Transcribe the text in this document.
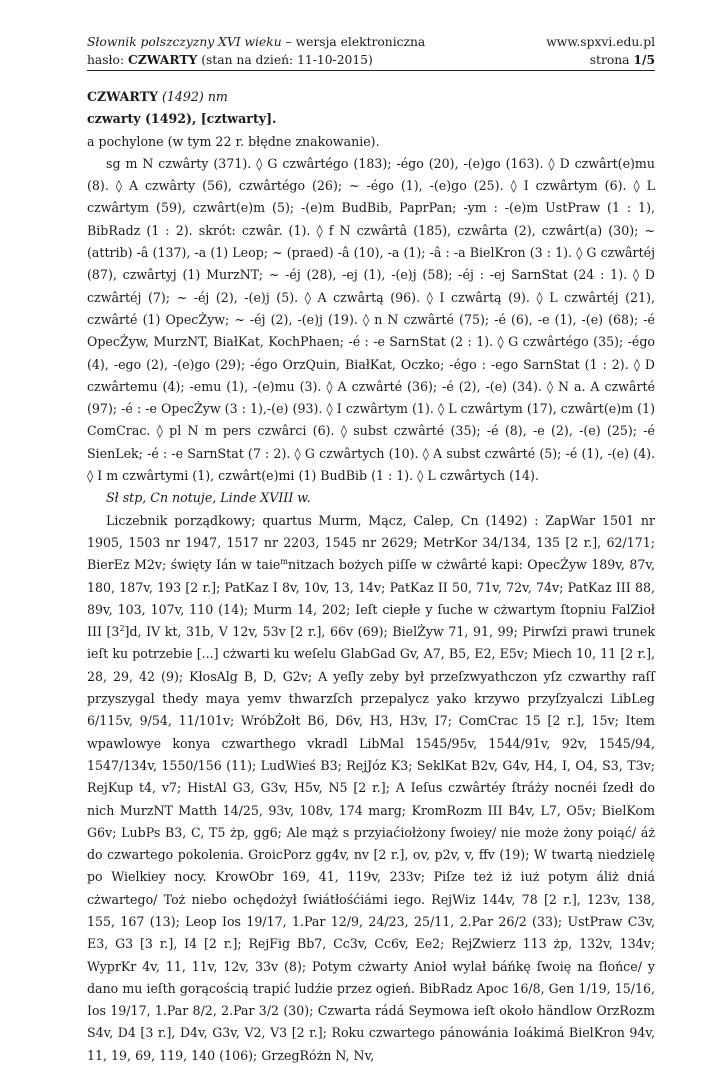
Słownik polszczyzny XVI wieku – wersja elektroniczna	www.spxvi.edu.pl
hasło: CZWARTY (stan na dzień: 11-10-2015)	strona 1/5

CZWARTY (1492) nm

czwarty (1492), [cztwarty].

a pochylone (w tym 22 r. błędne znakowanie).

sg m N czwârty (371). ◊ G czwârtégo (183); -égo (20), -(e)go (163). ◊ D czwârt(e)mu (8). ◊ A czwârty (56), czwârtégo (26); ~ -égo (1), -(e)go (25). ◊ I czwârtym (6). ◊ L czwârtym (59), czwârt(e)m (5); -(e)m BudBib, PaprPan; -ym : -(e)m UstPraw (1 : 1), BibRadz (1 : 2). skrót: czwâr. (1). ◊ f N czwârtâ (185), czwârta (2), czwârt(a) (30); ~ (attrib) -â (137), -a (1) Leop; ~ (praed) -â (10), -a (1); -â : -a BielKron (3 : 1). ◊ G czwârtéj (87), czwârtyj (1) MurzNT; ~ -éj (28), -ej (1), -(e)j (58); -éj : -ej SarnStat (24 : 1). ◊ D czwârtéj (7); ~ -éj (2), -(e)j (5). ◊ A czwârtą (96). ◊ I czwârtą (9). ◊ L czwârtéj (21), czwârté (1) OpecŻyw; ~ -éj (2), -(e)j (19). ◊ n N czwârté (75); -é (6), -e (1), -(e) (68); -é OpecŻyw, MurzNT, BiałKat, KochPhaen; -é : -e SarnStat (2 : 1). ◊ G czwârtégo (35); -égo (4), -ego (2), -(e)go (29); -égo OrzQuin, BiałKat, Oczko; -égo : -ego SarnStat (1 : 2). ◊ D czwârtemu (4); -emu (1), -(e)mu (3). ◊ A czwârté (36); -é (2), -(e) (34). ◊ N a. A czwârté (97); -é : -e OpecŻyw (3 : 1),-(e) (93). ◊ I czwârtym (1). ◊ L czwârtym (17), czwârt(e)m (1) ComCrac. ◊ pl N m pers czwârci (6). ◊ subst czwârté (35); -é (8), -e (2), -(e) (25); -é SienLek; -é : -e SarnStat (7 : 2). ◊ G czwârtych (10). ◊ A subst czwârté (5); -é (1), -(e) (4). ◊ I m czwârtymi (1), czwârt(e)mi (1) BudBib (1 : 1). ◊ L czwârtych (14).

Sł stp, Cn notuje, Linde XVIII w.

Liczebnik porządkowy; quartus Murm, Mącz, Calep, Cn (1492) : ZapWar 1501 nr 1905, 1503 nr 1947, 1517 nr 2203, 1545 nr 2629; MetrKor 34/134, 135 [2 r.], 62/171; BierEz M2v; święty Ián w taie$^m$nitzach bożych piſſe w cżwârté kapi: OpecŻyw 189v, 87v, 180, 187v, 193 [2 r.]; PatKaz I 8v, 10v, 13, 14v; PatKaz II 50, 71v, 72v, 74v; PatKaz III 88, 89v, 103, 107v, 110 (14); Murm 14, 202; Ieſt ciepłe y ſuche w cżwartym ſtopniu FalZioł III $[3^2]d$, IV kt, 31b, V 12v, 53v [2 r.], 66v (69); BielŻyw 71, 91, 99; Pirwſzi prawi trunek ieſt ku potrzebie [...] cżwarti ku weſelu GlabGad Gv, A7, B5, E2, E5v; Miech 10, 11 [2 r.], 28, 29, 42 (9); KłosAlg B, D, G2v; A yeſly zeby był przeſzwyathczon yſz czwarthy raſſ przyszygal thedy maya yemv thwarzſch przepalycz yako krzywo przyſzyalczi LibLeg 6/115v, 9/54, 11/101v; WróbŻołt B6, D6v, H3, H3v, I7; ComCrac 15 [2 r.], 15v; Item wpawlowye konya czwarthego vkradl LibMal 1545/95v, 1544/91v, 92v, 1545/94, 1547/134v, 1550/156 (11); LudWieś B3; RejJóz K3; SeklKat B2v, G4v, H4, I, O4, S3, T3v; RejKup t4, v7; HistAl G3, G3v, H5v, N5 [2 r.]; A Ieſus czwârtéy ſtráży nocnéi ſzedł do nich MurzNT Matth 14/25, 93v, 108v, 174 marg; KromRozm III B4v, L7, O5v; BielKom G6v; LubPs B3, C, T5 żp, gg6; Ale mąż s przyiaćiołżony ſwoiey/ nie może żony poiąć/ áż do czwartego pokolenia. GroicPorz gg4v, nv [2 r.], ov, p2v, v, ffv (19); W twartą niedzielę po Wielkiey nocy. KrowObr 169, 41, 119v, 233v; Piſze też iż iuż potym áliż dniá cżwartego/ Toż niebo ochędożył ſwiátłośćiámi iego. RejWiz 144v, 78 [2 r.], 123v, 138, 155, 167 (13); Leop Ios 19/17, 1.Par 12/9, 24/23, 25/11, 2.Par 26/2 (33); UstPraw C3v, E3, G3 [3 r.], I4 [2 r.]; RejFig Bb7, Cc3v, Cc6v, Ee2; RejZwierz 113 żp, 132v, 134v; WyprKr 4v, 11, 11v, 12v, 33v (8); Potym cżwarty Anioł wylał báńkę ſwoię na ſłońce/ y dano mu ieſth gorącością trapić ludźie przez ogień. BibRadz Apoc 16/8, Gen 1/19, 15/16, Ios 19/17, 1.Par 8/2, 2.Par 3/2 (30); Czwarta rádá Seymowa ieſt około händlow OrzRozm S4v, D4 [3 r.], D4v, G3v, V2, V3 [2 r.]; Roku czwartego pánowánia Ioákimá BielKron 94v, 11, 19, 69, 119, 140 (106); GrzegRóżn N, Nv,
